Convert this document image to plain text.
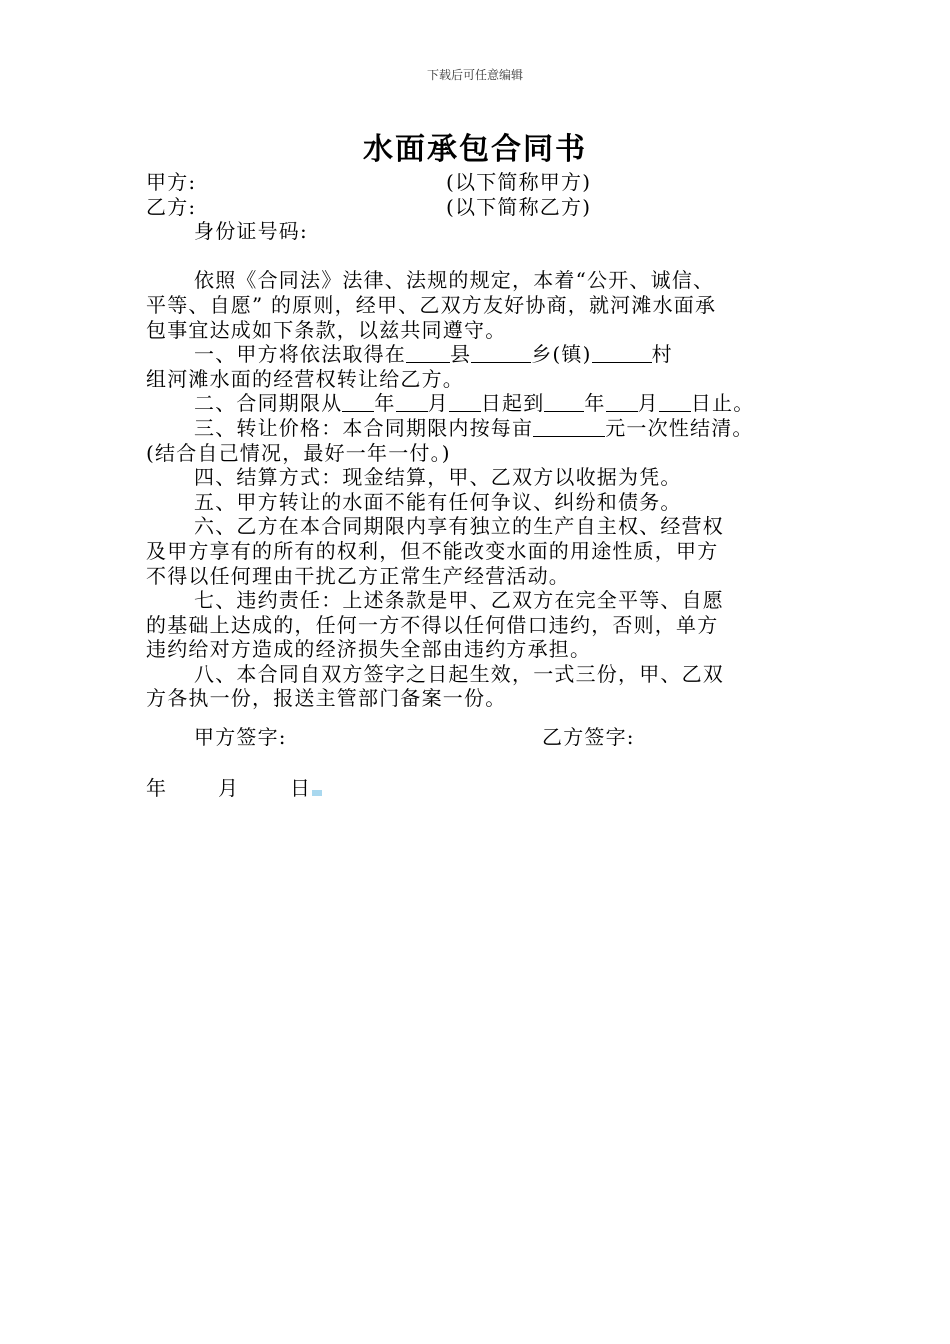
下载后可任意编辑
水面承包合同书
甲方:	(以下简称甲方)
乙方:	(以下简称乙方)
身份证号码:
依照《合同法》法律、法规的规定，本着“公开、诚信、
平等、自愿” 的原则，经甲、乙双方友好协商，就河滩水面承
包事宜达成如下条款，以兹共同遵守。
一、甲方将依法取得在 县	乡(镇)	村
组河滩水面的经营权转让给乙方。
二、合同期限从 年 月 日起到 年 月 日止。
三、转让价格：本合同期限内按每亩	元一次性结清。
(结合自己情况，最好一年一付。)
四、结算方式：现金结算，甲、乙双方以收据为凭。
五、甲方转让的水面不能有任何争议、纠纷和债务。
六、乙方在本合同期限内享有独立的生产自主权、经营权
及甲方享有的所有的权利，但不能改变水面的用途性质，甲方
不得以任何理由干扰乙方正常生产经营活动。
七、违约责任：上述条款是甲、乙双方在完全平等、自愿
的基础上达成的，任何一方不得以任何借口违约，否则，单方
违约给对方造成的经济损失全部由违约方承担。
八、本合同自双方签字之日起生效，一式三份，甲、乙双
方各执一份，报送主管部门备案一份。
甲方签字:	乙方签字:
年	月	日
